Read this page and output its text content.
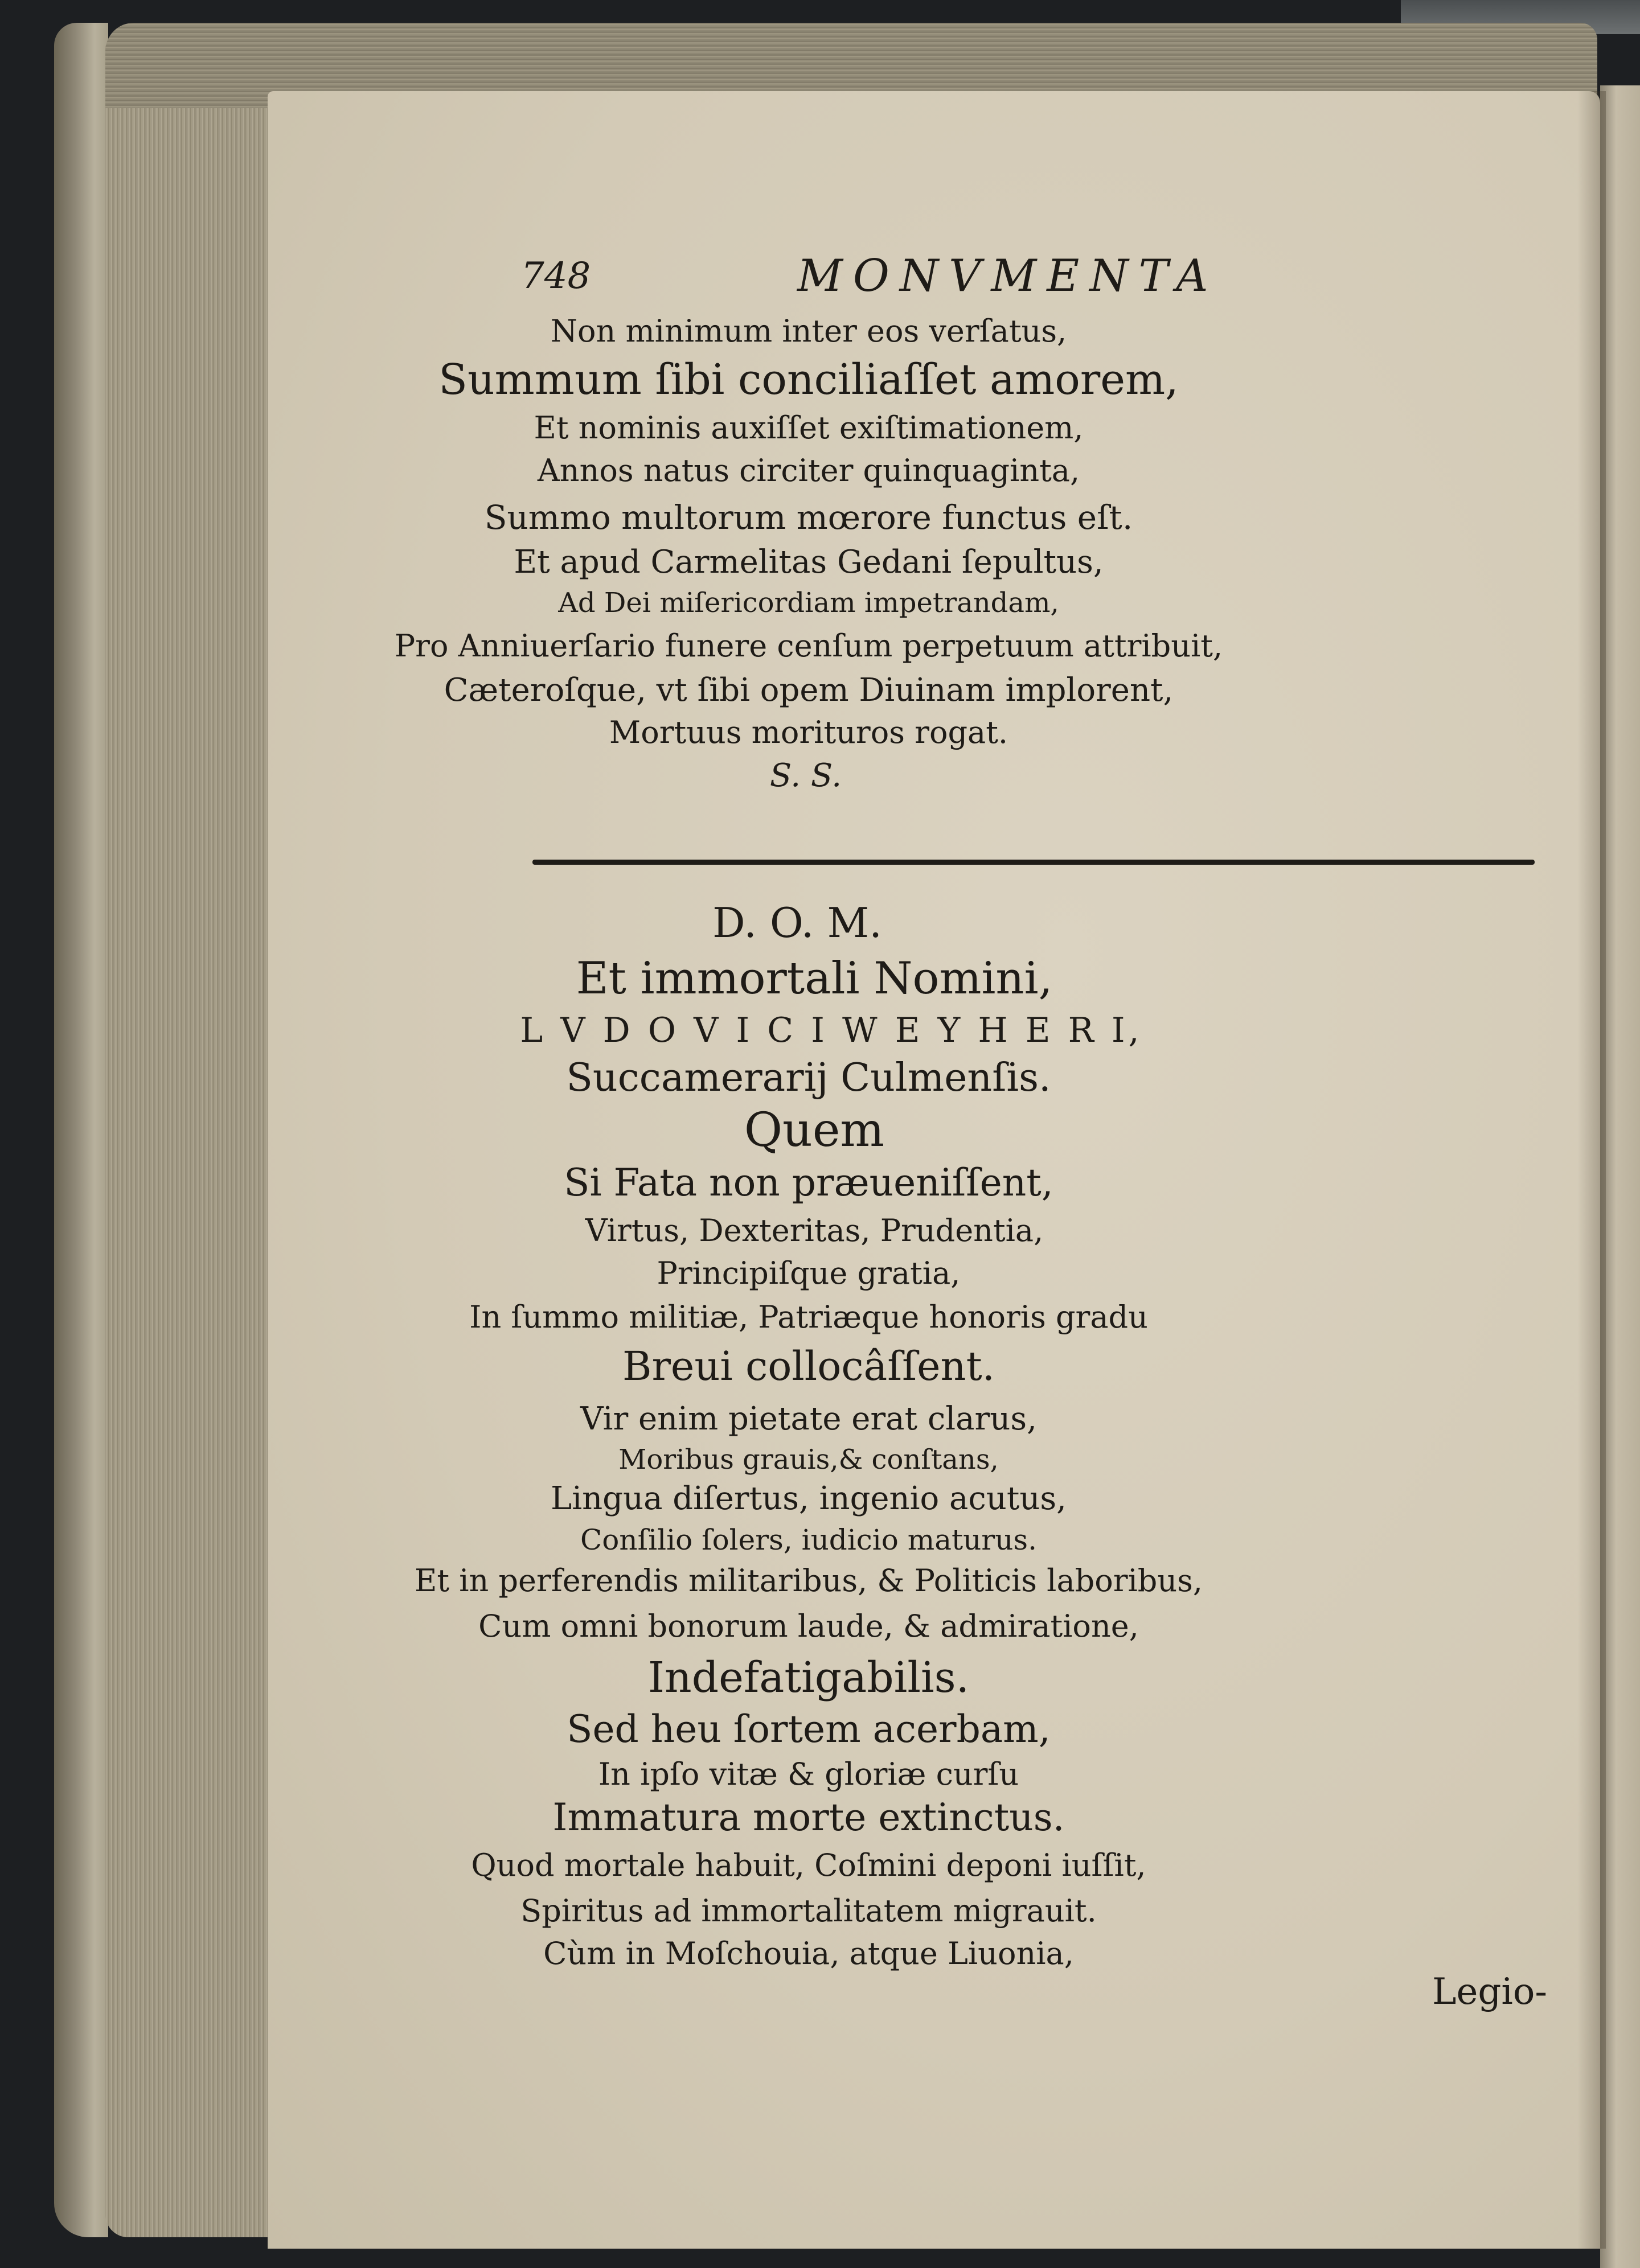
748	MONVMENTA
Non minimum inter eos verſatus,
Summum ſibi conciliaſſet amorem,
Et nominis auxiſſet exiſtimationem,
Annos natus circiter quinquaginta,
Summo multorum mœrore functus eſt.
Et apud Carmelitas Gedani ſepultus,
Ad Dei miſericordiam impetrandam,
Pro Anniuerſario funere cenſum perpetuum attribuit,
Cæteroſque, vt ſibi opem Diuinam implorent,
Mortuus morituros rogat.
S. S.
D. O. M.
Et immortali Nomini,
L V D O V I C I W E Y H E R I,
Succamerarij Culmenſis.
Quem
Si Fata non præueniſſent,
Virtus, Dexteritas, Prudentia,
Principiſque gratia,
In ſummo militiæ, Patriæque honoris gradu
Breui collocâſſent.
Vir enim pietate erat clarus,
Moribus grauis,& conſtans,
Lingua diſertus, ingenio acutus,
Conſilio ſolers, iudicio maturus.
Et in perferendis militaribus, & Politicis laboribus,
Cum omni bonorum laude, & admiratione,
Indefatigabilis.
Sed heu ſortem acerbam,
In ipſo vitæ & gloriæ curſu
Immatura morte extinctus.
Quod mortale habuit, Coſmini deponi iuſſit,
Spiritus ad immortalitatem migrauit.
Cùm in Moſchouia, atque Liuonia,
Legio-
